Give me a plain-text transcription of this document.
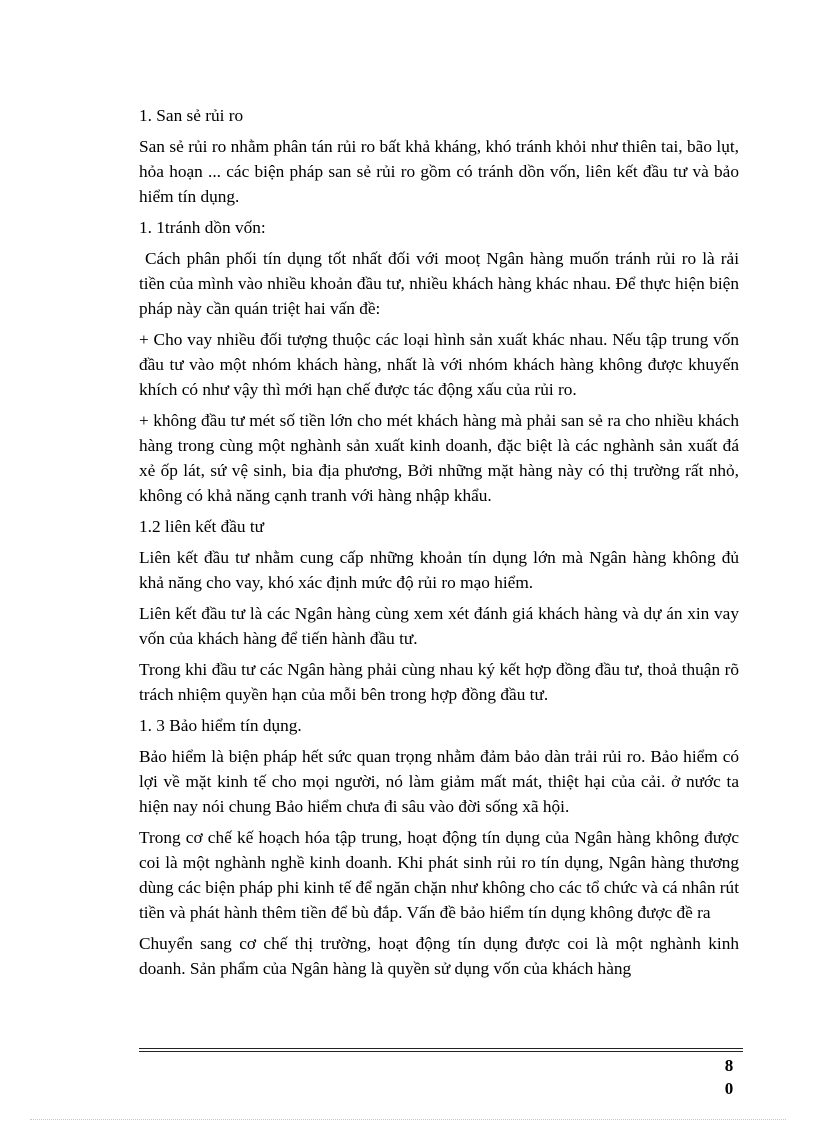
1. San sẻ rủi ro

San sẻ rủi ro nhằm phân tán rủi ro bất khả kháng, khó tránh khỏi như thiên tai, bão lụt, hỏa hoạn ... các biện pháp san sẻ rủi ro gồm có tránh dồn vốn, liên kết đầu tư và bảo hiểm tín dụng.

1. 1tránh dồn vốn:

Cách phân phối tín dụng tốt nhất đối với mooṭ Ngân hàng muốn tránh rủi ro là rải tiền của mình vào nhiều khoản đầu tư, nhiều khách hàng khác nhau. Để thực hiện biện pháp này cần quán triệt hai vấn đề:

+ Cho vay nhiều đối tượng thuộc các loại hình sản xuất khác nhau. Nếu tập trung vốn đầu tư vào một nhóm khách hàng, nhất là với nhóm khách hàng không được khuyến khích có như vậy thì mới hạn chế được tác động xấu của rủi ro.

+ không đầu tư mét số tiền lớn cho mét khách hàng mà phải san sẻ ra cho nhiều khách hàng trong cùng một nghành sản xuất kinh doanh, đặc biệt là các nghành sản xuất đá xẻ ốp lát, sứ vệ sinh, bia địa phương, Bởi những mặt hàng này có thị trường rất nhỏ, không có khả năng cạnh tranh với hàng nhập khẩu.

1.2 liên kết đầu tư

Liên kết đầu tư nhằm cung cấp những khoản tín dụng lớn mà Ngân hàng không đủ khả năng cho vay, khó xác định mức độ rủi ro mạo hiểm.

Liên kết đầu tư là các Ngân hàng cùng xem xét đánh giá khách hàng và dự án xin vay vốn của khách hàng để tiến hành đầu tư.

Trong khi đầu tư các Ngân hàng phải cùng nhau ký kết hợp đồng đầu tư, thoả thuận rõ trách nhiệm quyền hạn của mỗi bên trong hợp đồng đầu tư.

1. 3 Bảo hiểm tín dụng.

Bảo hiểm là biện pháp hết sức quan trọng nhằm đảm bảo dàn trải rủi ro. Bảo hiểm có lợi về mặt kinh tế cho mọi người, nó làm giảm mất mát, thiệt hại của cải. ở nước ta hiện nay nói chung Bảo hiểm chưa đi sâu vào đời sống xã hội.

Trong cơ chế kế hoạch hóa tập trung, hoạt động tín dụng của Ngân hàng không được coi là một nghành nghề kinh doanh. Khi phát sinh rủi ro tín dụng, Ngân hàng thương dùng các biện pháp phi kinh tế để ngăn chặn như không cho các tổ chức và cá nhân rút tiền và phát hành thêm tiền để bù đắp. Vấn đề bảo hiểm tín dụng không được đề ra

Chuyển sang cơ chế thị trường, hoạt động tín dụng được coi là một nghành kinh doanh. Sản phẩm của Ngân hàng là quyền sử dụng vốn của khách hàng

8
0
